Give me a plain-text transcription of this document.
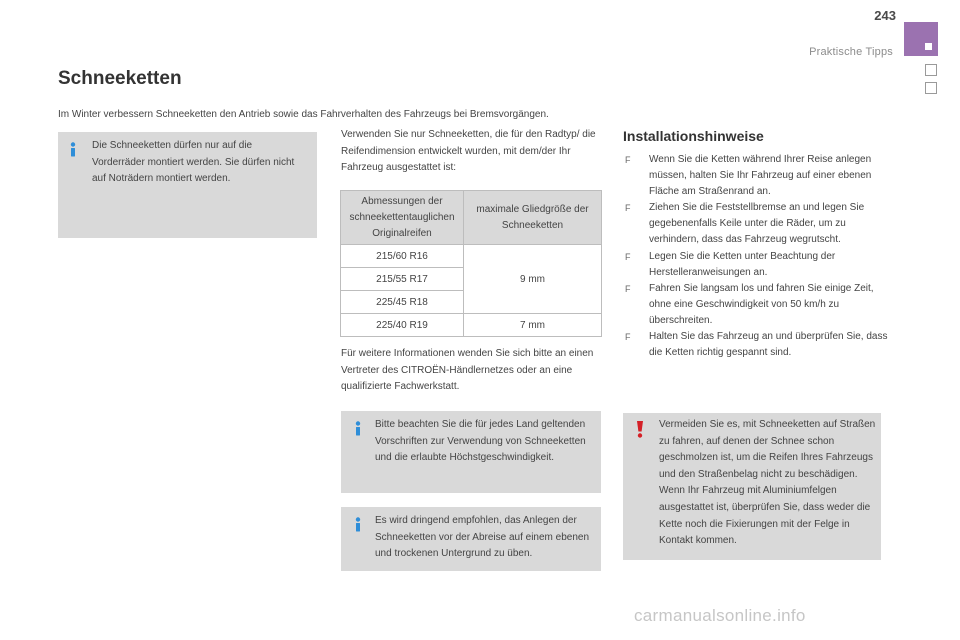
243
Praktische Tipps
Schneeketten

Im Winter verbessern Schneeketten den Antrieb sowie das Fahrverhalten des Fahrzeugs bei Bremsvorgängen.

Die Schneeketten dürfen nur auf die Vorderräder montiert werden. Sie dürfen nicht auf Noträdern montiert werden.

Verwenden Sie nur Schneeketten, die für den Radtyp/ die Reifendimension entwickelt wurden, mit dem/der Ihr Fahrzeug ausgestattet ist:

Abmessungen der schneekettentauglichen Originalreifen	maximale Gliedgröße der Schneeketten
215/60 R16	9 mm
215/55 R17	
225/45 R18	
225/40 R19	7 mm

Für weitere Informationen wenden Sie sich bitte an einen Vertreter des CITROËN-Händlernetzes oder an eine qualifizierte Fachwerkstatt.

Bitte beachten Sie die für jedes Land geltenden Vorschriften zur Verwendung von Schneeketten und die erlaubte Höchstgeschwindigkeit.
Es wird dringend empfohlen, das Anlegen der Schneeketten vor der Abreise auf einem ebenen und trockenen Untergrund zu üben.
Installationshinweise
F Wenn Sie die Ketten während Ihrer Reise anlegen müssen, halten Sie Ihr Fahrzeug auf einer ebenen Fläche am Straßenrand an.
F Ziehen Sie die Feststellbremse an und legen Sie gegebenenfalls Keile unter die Räder, um zu verhindern, dass das Fahrzeug wegrutscht.
F Legen Sie die Ketten unter Beachtung der Herstelleranweisungen an.
F Fahren Sie langsam los und fahren Sie einige Zeit, ohne eine Geschwindigkeit von 50 km/h zu überschreiten.
F Halten Sie das Fahrzeug an und überprüfen Sie, dass die Ketten richtig gespannt sind.
Vermeiden Sie es, mit Schneeketten auf Straßen zu fahren, auf denen der Schnee schon geschmolzen ist, um die Reifen Ihres Fahrzeugs und den Straßenbelag nicht zu beschädigen. Wenn Ihr Fahrzeug mit Aluminiumfelgen ausgestattet ist, überprüfen Sie, dass weder die Kette noch die Fixierungen mit der Felge in Kontakt kommen.
carmanualsonline.info
